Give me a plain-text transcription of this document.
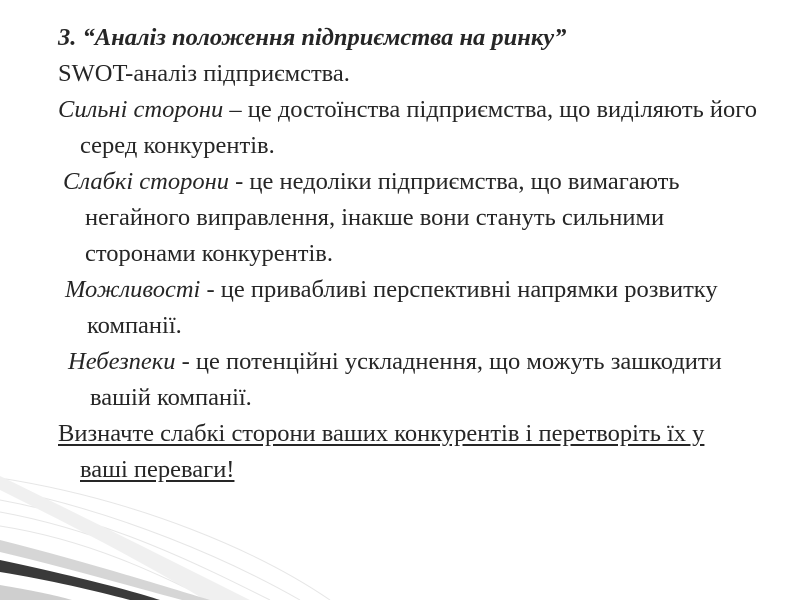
3. “Аналіз положення підприємства на ринку”

SWOT-аналіз підприємства.

Сильні сторони – це достоїнства підприємства, що виділяють його серед конкурентів.

Слабкі сторони - це недоліки підприємства, що вимагають негайного виправлення, інакше вони стануть сильними сторонами конкурентів.

Можливості - це привабливі перспективні напрямки розвитку компанії.

Небезпеки - це потенційні ускладнення, що можуть зашкодити вашій компанії.

Визначте слабкі сторони ваших конкурентів і перетворіть їх у ваші переваги!
